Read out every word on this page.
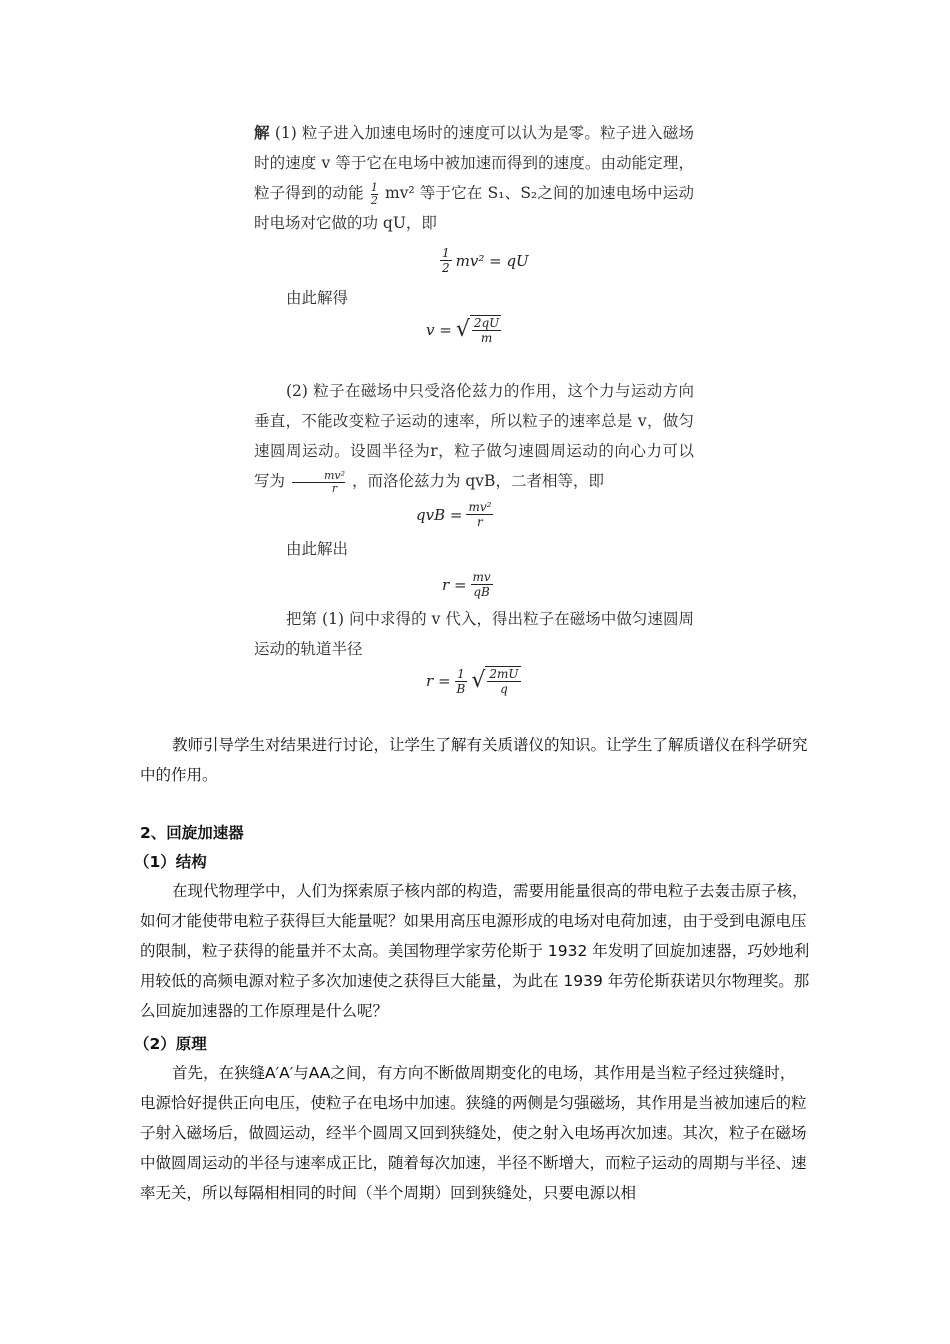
解 (1) 粒子进入加速电场时的速度可以认为是零。粒子进入磁场时的速度 v 等于它在电场中被加速而得到的速度。由动能定理，粒子得到的动能 $\frac{1}{2} mv^2$ 等于它在 S₁、S₂之间的加速电场中运动时电场对它做的功 qU，即
$\frac{1}{2} mv^2$ = qU
由此解得
v = √ $\frac{2qU}{m}$
(2) 粒子在磁场中只受洛伦兹力的作用，这个力与运动方向垂直，不能改变粒子运动的速率，所以粒子的速率总是 v，做匀速圆周运动。设圆半径为r，粒子做匀速圆周运动的向心力可以写为 $\frac{\text{mv²}}{r}$ ，而洛伦兹力为 qvB，二者相等，即
qvB = $\frac{\text{mv²}}{r}$
由此解出
$r = \frac{mv}{qB}$
把第 (1) 问中求得的 v 代入，得出粒子在磁场中做匀速圆周运动的轨道半径
$r = \frac{1}{B}$ √ $\frac{2mU}{q}$
教师引导学生对结果进行讨论，让学生了解有关质谱仪的知识。让学生了解质谱仪在科学研究中的作用。
2、回旋加速器
（1）结构
在现代物理学中，人们为探索原子核内部的构造，需要用能量很高的带电粒子去轰击原子核，如何才能使带电粒子获得巨大能量呢？如果用高压电源形成的电场对电荷加速，由于受到电源电压的限制，粒子获得的能量并不太高。美国物理学家劳伦斯于 1932 年发明了回旋加速器，巧妙地利用较低的高频电源对粒子多次加速使之获得巨大能量，为此在 1939 年劳伦斯获诺贝尔物理奖。那么回旋加速器的工作原理是什么呢？
（2）原理
首先，在狭缝A′A′与AA之间，有方向不断做周期变化的电场，其作用是当粒子经过狭缝时，电源恰好提供正向电压，使粒子在电场中加速。狭缝的两侧是匀强磁场，其作用是当被加速后的粒子射入磁场后，做圆运动，经半个圆周又回到狭缝处，使之射入电场再次加速。其次，粒子在磁场中做圆周运动的半径与速率成正比，随着每次加速，半径不断增大，而粒子运动的周期与半径、速率无关，所以每隔相相同的时间（半个周期）回到狭缝处，只要电源以相
